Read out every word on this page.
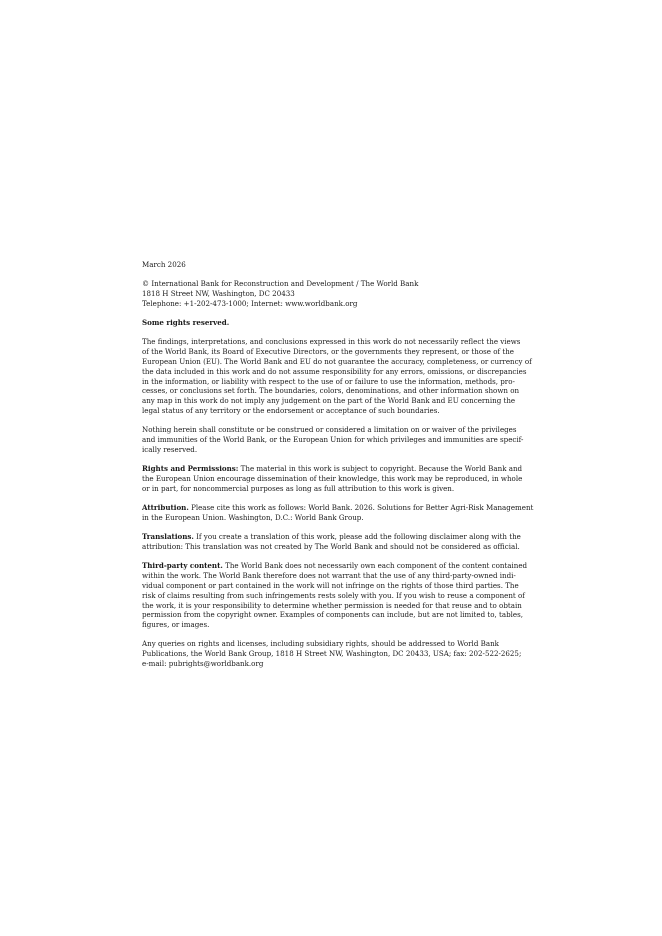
March 2026

© International Bank for Reconstruction and Development / The World Bank
1818 H Street NW, Washington, DC 20433
Telephone: +1-202-473-1000; Internet: www.worldbank.org

Some rights reserved.

The findings, interpretations, and conclusions expressed in this work do not necessarily reflect the views
of the World Bank, its Board of Executive Directors, or the governments they represent, or those of the
European Union (EU). The World Bank and EU do not guarantee the accuracy, completeness, or currency of
the data included in this work and do not assume responsibility for any errors, omissions, or discrepancies
in the information, or liability with respect to the use of or failure to use the information, methods, pro-
cesses, or conclusions set forth. The boundaries, colors, denominations, and other information shown on
any map in this work do not imply any judgement on the part of the World Bank and EU concerning the
legal status of any territory or the endorsement or acceptance of such boundaries.

Nothing herein shall constitute or be construed or considered a limitation on or waiver of the privileges
and immunities of the World Bank, or the European Union for which privileges and immunities are specif-
ically reserved.

Rights and Permissions: The material in this work is subject to copyright. Because the World Bank and
the European Union encourage dissemination of their knowledge, this work may be reproduced, in whole
or in part, for noncommercial purposes as long as full attribution to this work is given.

Attribution. Please cite this work as follows: World Bank. 2026. Solutions for Better Agri-Risk Management
in the European Union. Washington, D.C.: World Bank Group.

Translations. If you create a translation of this work, please add the following disclaimer along with the
attribution: This translation was not created by The World Bank and should not be considered as official.

Third-party content. The World Bank does not necessarily own each component of the content contained
within the work. The World Bank therefore does not warrant that the use of any third-party-owned indi-
vidual component or part contained in the work will not infringe on the rights of those third parties. The
risk of claims resulting from such infringements rests solely with you. If you wish to reuse a component of
the work, it is your responsibility to determine whether permission is needed for that reuse and to obtain
permission from the copyright owner. Examples of components can include, but are not limited to, tables,
figures, or images.

Any queries on rights and licenses, including subsidiary rights, should be addressed to World Bank
Publications, the World Bank Group, 1818 H Street NW, Washington, DC 20433, USA; fax: 202-522-2625;
e-mail: pubrights@worldbank.org
